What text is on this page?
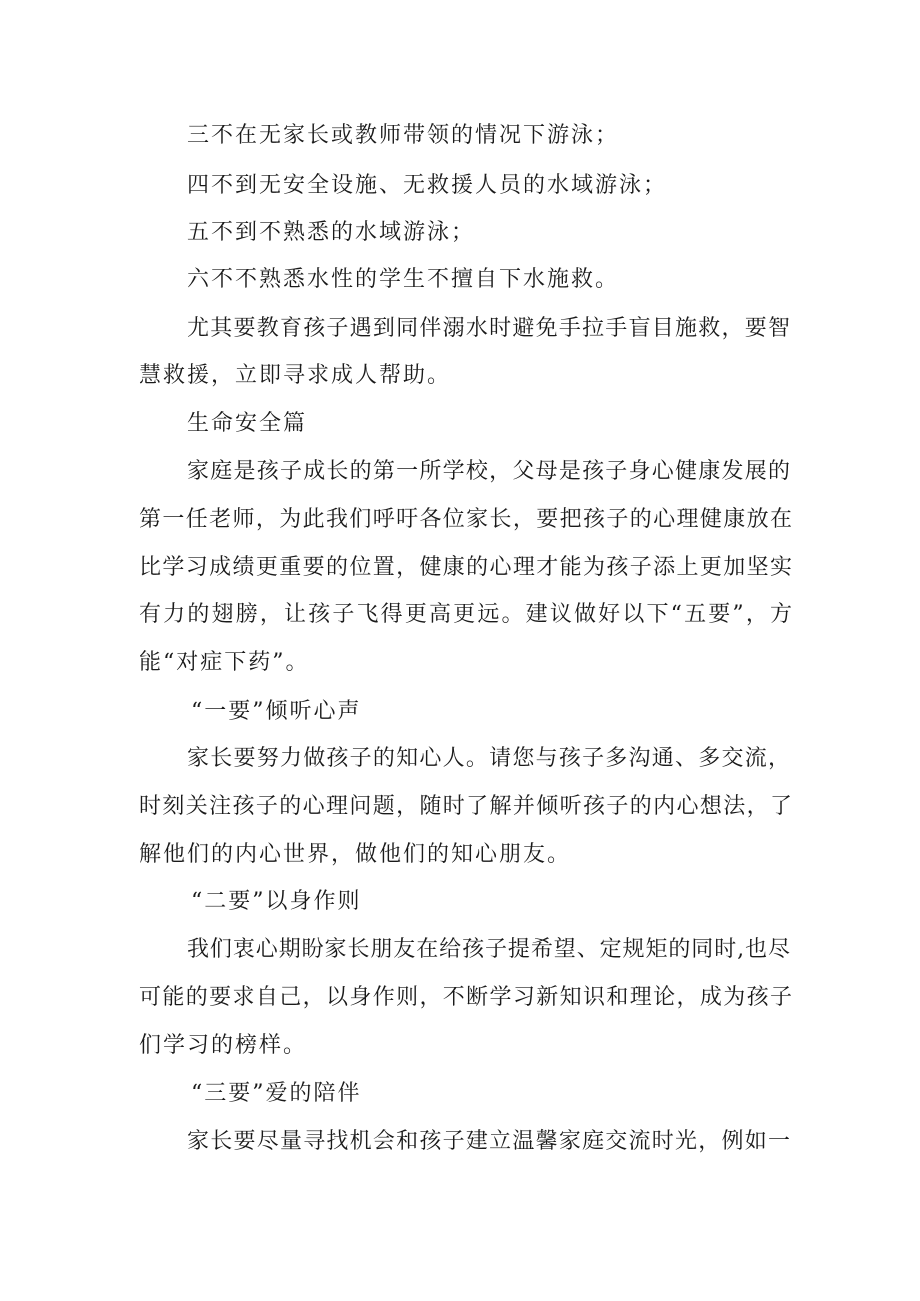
三不在无家长或教师带领的情况下游泳；
四不到无安全设施、无救援人员的水域游泳；
五不到不熟悉的水域游泳；
六不不熟悉水性的学生不擅自下水施救。
尤其要教育孩子遇到同伴溺水时避免手拉手盲目施救，要智
慧救援，立即寻求成人帮助。
生命安全篇
家庭是孩子成长的第一所学校，父母是孩子身心健康发展的
第一任老师，为此我们呼吁各位家长，要把孩子的心理健康放在
比学习成绩更重要的位置，健康的心理才能为孩子添上更加坚实
有力的翅膀，让孩子飞得更高更远。建议做好以下“五要”，方
能“对症下药”。
“一要”倾听心声
家长要努力做孩子的知心人。请您与孩子多沟通、多交流，
时刻关注孩子的心理问题，随时了解并倾听孩子的内心想法，了
解他们的内心世界，做他们的知心朋友。
“二要”以身作则
我们衷心期盼家长朋友在给孩子提希望、定规矩的同时,也尽
可能的要求自己，以身作则，不断学习新知识和理论，成为孩子
们学习的榜样。
“三要”爱的陪伴
家长要尽量寻找机会和孩子建立温馨家庭交流时光，例如一
